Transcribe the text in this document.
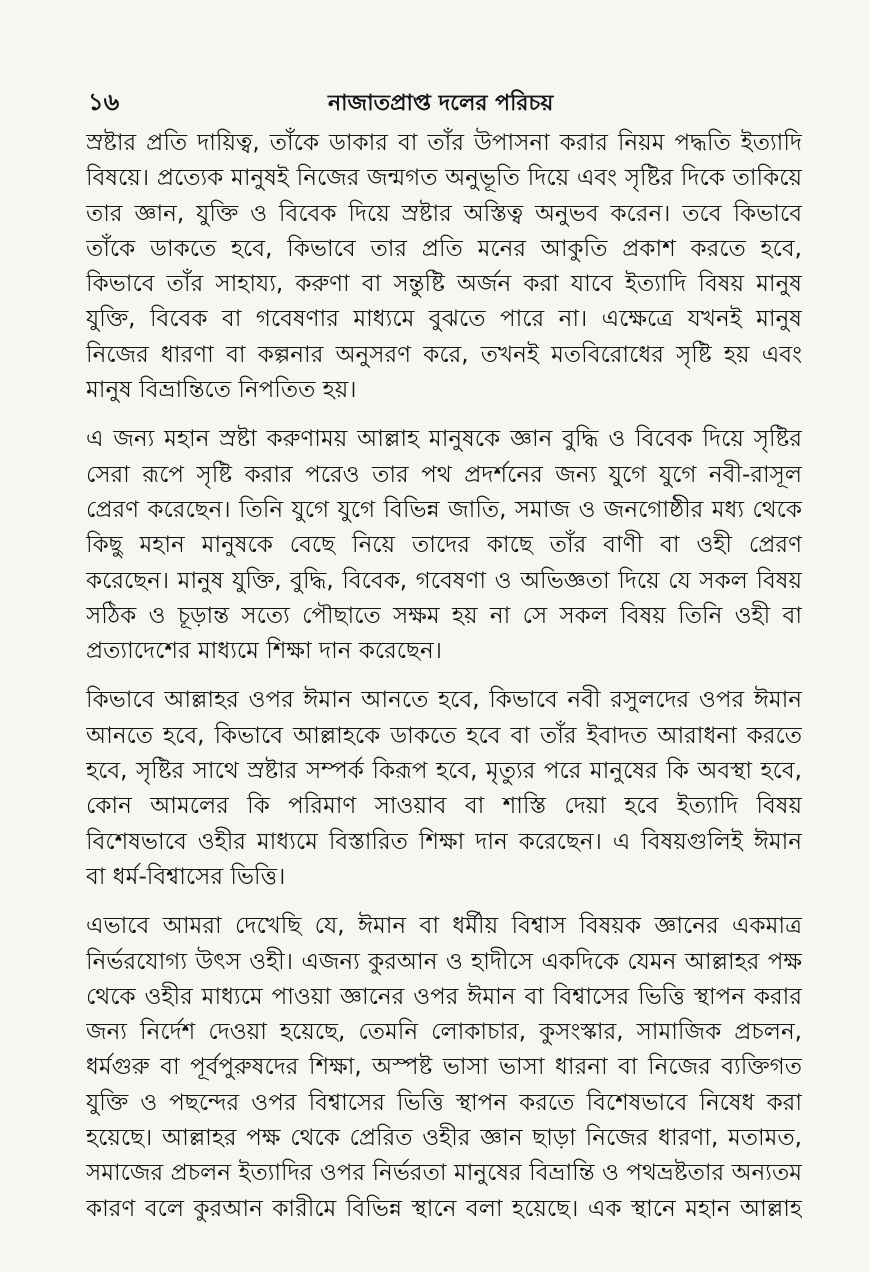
১৬	নাজাতপ্রাপ্ত দলের পরিচয়
স্রষ্টার প্রতি দায়িত্ব, তাঁকে ডাকার বা তাঁর উপাসনা করার নিয়ম পদ্ধতি ইত্যাদি
বিষয়ে। প্রত্যেক মানুষই নিজের জন্মগত অনুভূতি দিয়ে এবং সৃষ্টির দিকে তাকিয়ে
তার জ্ঞান, যুক্তি ও বিবেক দিয়ে স্রষ্টার অস্তিত্ব অনুভব করেন। তবে কিভাবে
তাঁকে ডাকতে হবে, কিভাবে তার প্রতি মনের আকুতি প্রকাশ করতে হবে,
কিভাবে তাঁর সাহায্য, করুণা বা সন্তুষ্টি অর্জন করা যাবে ইত্যাদি বিষয় মানুষ
যুক্তি, বিবেক বা গবেষণার মাধ্যমে বুঝতে পারে না। এক্ষেত্রে যখনই মানুষ
নিজের ধারণা বা কল্পনার অনুসরণ করে, তখনই মতবিরোধের সৃষ্টি হয় এবং
মানুষ বিভ্রান্তিতে নিপতিত হয়।
এ জন্য মহান স্রষ্টা করুণাময় আল্লাহ মানুষকে জ্ঞান বুদ্ধি ও বিবেক দিয়ে সৃষ্টির
সেরা রূপে সৃষ্টি করার পরেও তার পথ প্রদর্শনের জন্য যুগে যুগে নবী-রাসূল
প্রেরণ করেছেন। তিনি যুগে যুগে বিভিন্ন জাতি, সমাজ ও জনগোষ্ঠীর মধ্য থেকে
কিছু মহান মানুষকে বেছে নিয়ে তাদের কাছে তাঁর বাণী বা ওহী প্রেরণ
করেছেন। মানুষ যুক্তি, বুদ্ধি, বিবেক, গবেষণা ও অভিজ্ঞতা দিয়ে যে সকল বিষয়
সঠিক ও চূড়ান্ত সত্যে পৌছাতে সক্ষম হয় না সে সকল বিষয় তিনি ওহী বা
প্রত্যাদেশের মাধ্যমে শিক্ষা দান করেছেন।
কিভাবে আল্লাহর ওপর ঈমান আনতে হবে, কিভাবে নবী রসুলদের ওপর ঈমান
আনতে হবে, কিভাবে আল্লাহকে ডাকতে হবে বা তাঁর ইবাদত আরাধনা করতে
হবে, সৃষ্টির সাথে স্রষ্টার সম্পর্ক কিরূপ হবে, মৃত্যুর পরে মানুষের কি অবস্থা হবে,
কোন আমলের কি পরিমাণ সাওয়াব বা শাস্তি দেয়া হবে ইত্যাদি বিষয়
বিশেষভাবে ওহীর মাধ্যমে বিস্তারিত শিক্ষা দান করেছেন। এ বিষয়গুলিই ঈমান
বা ধর্ম-বিশ্বাসের ভিত্তি।
এভাবে আমরা দেখেছি যে, ঈমান বা ধর্মীয় বিশ্বাস বিষয়ক জ্ঞানের একমাত্র
নির্ভরযোগ্য উৎস ওহী। এজন্য কুরআন ও হাদীসে একদিকে যেমন আল্লাহর পক্ষ
থেকে ওহীর মাধ্যমে পাওয়া জ্ঞানের ওপর ঈমান বা বিশ্বাসের ভিত্তি স্থাপন করার
জন্য নির্দেশ দেওয়া হয়েছে, তেমনি লোকাচার, কুসংস্কার, সামাজিক প্রচলন,
ধর্মগুরু বা পূর্বপুরুষদের শিক্ষা, অস্পষ্ট ভাসা ভাসা ধারনা বা নিজের ব্যক্তিগত
যুক্তি ও পছন্দের ওপর বিশ্বাসের ভিত্তি স্থাপন করতে বিশেষভাবে নিষেধ করা
হয়েছে। আল্লাহর পক্ষ থেকে প্রেরিত ওহীর জ্ঞান ছাড়া নিজের ধারণা, মতামত,
সমাজের প্রচলন ইত্যাদির ওপর নির্ভরতা মানুষের বিভ্রান্তি ও পথভ্রষ্টতার অন্যতম
কারণ বলে কুরআন কারীমে বিভিন্ন স্থানে বলা হয়েছে। এক স্থানে মহান আল্লাহ
